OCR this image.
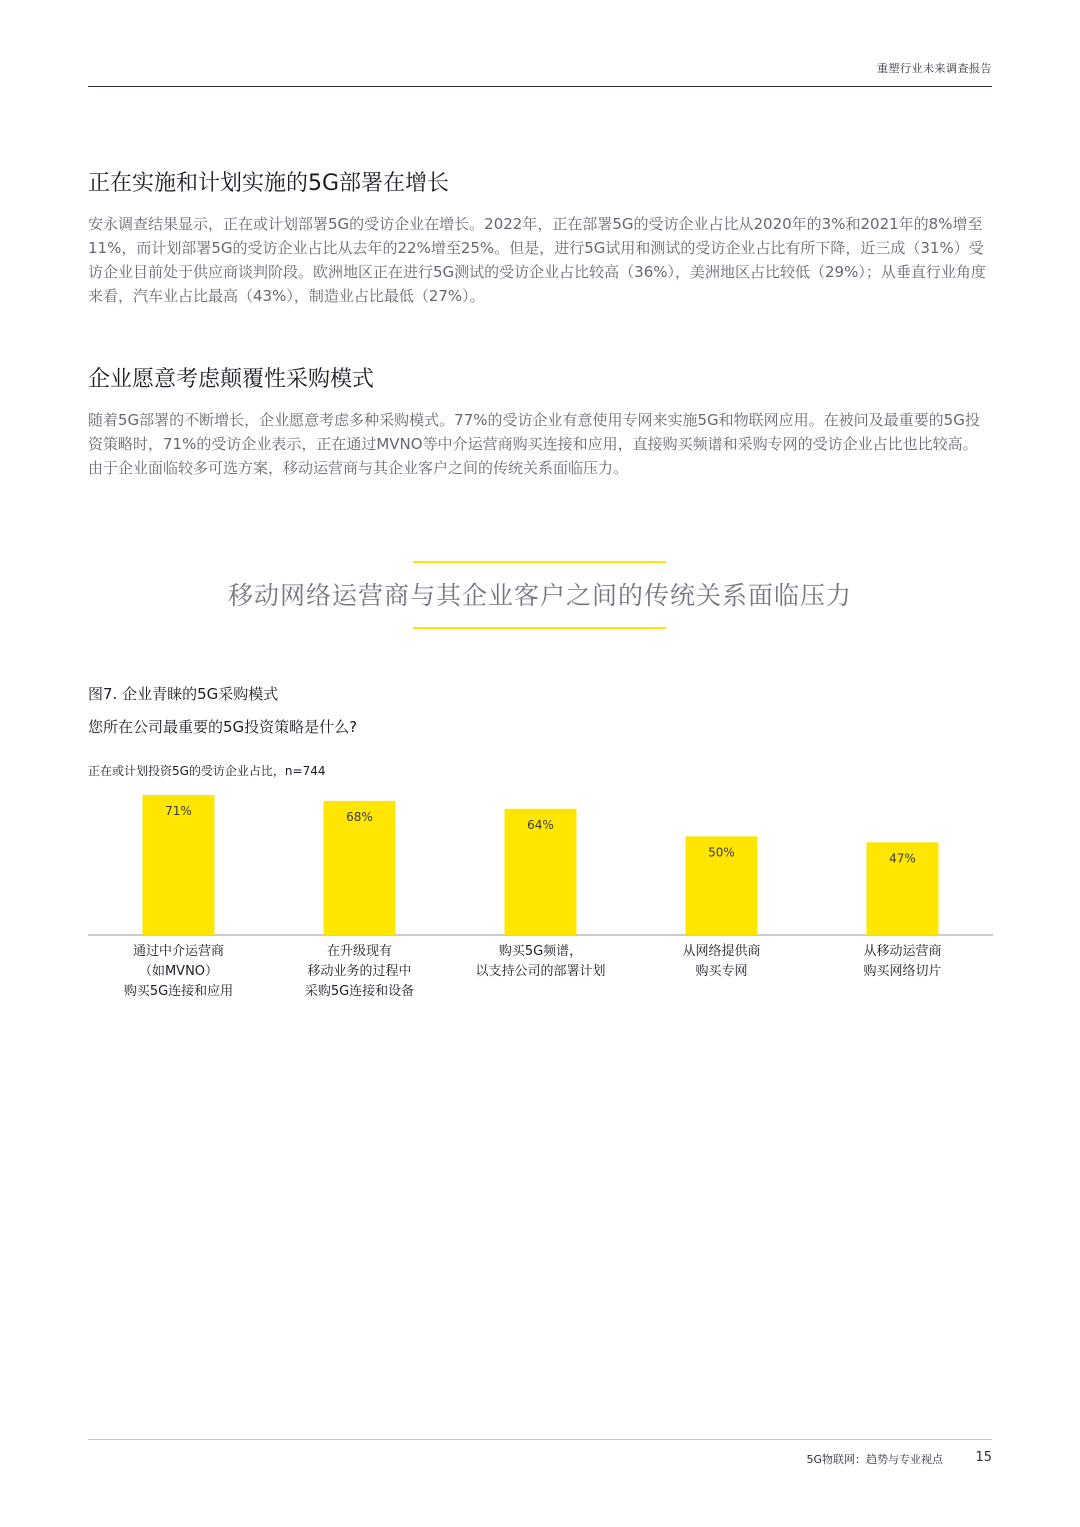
重塑行业未来调查报告
正在实施和计划实施的5G部署在增长

安永调查结果显示，正在或计划部署5G的受访企业在增长。2022年，正在部署5G的受访企业占比从2020年的3%和2021年的8%增至11%，而计划部署5G的受访企业占比从去年的22%增至25%。但是，进行5G试用和测试的受访企业占比有所下降，近三成（31%）受访企业目前处于供应商谈判阶段。欧洲地区正在进行5G测试的受访企业占比较高（36%），美洲地区占比较低（29%）；从垂直行业角度来看，汽车业占比最高（43%），制造业占比最低（27%）。

企业愿意考虑颠覆性采购模式

随着5G部署的不断增长，企业愿意考虑多种采购模式。77%的受访企业有意使用专网来实施5G和物联网应用。在被问及最重要的5G投资策略时，71%的受访企业表示，正在通过MVNO等中介运营商购买连接和应用，直接购买频谱和采购专网的受访企业占比也比较高。由于企业面临较多可选方案，移动运营商与其企业客户之间的传统关系面临压力。

移动网络运营商与其企业客户之间的传统关系面临压力
图7. 企业青睐的5G采购模式
您所在公司最重要的5G投资策略是什么?
正在或计划投资5G的受访企业占比，n=744
71%
通过中介运营商（如MVNO）购买5G连接和应用
68%
在升级现有移动业务的过程中采购5G连接和设备
64%
购买5G频谱，以支持公司的部署计划
50%
从网络提供商购买专网
47%
从移动运营商购买网络切片
5G物联网：趋势与专业视点 15
